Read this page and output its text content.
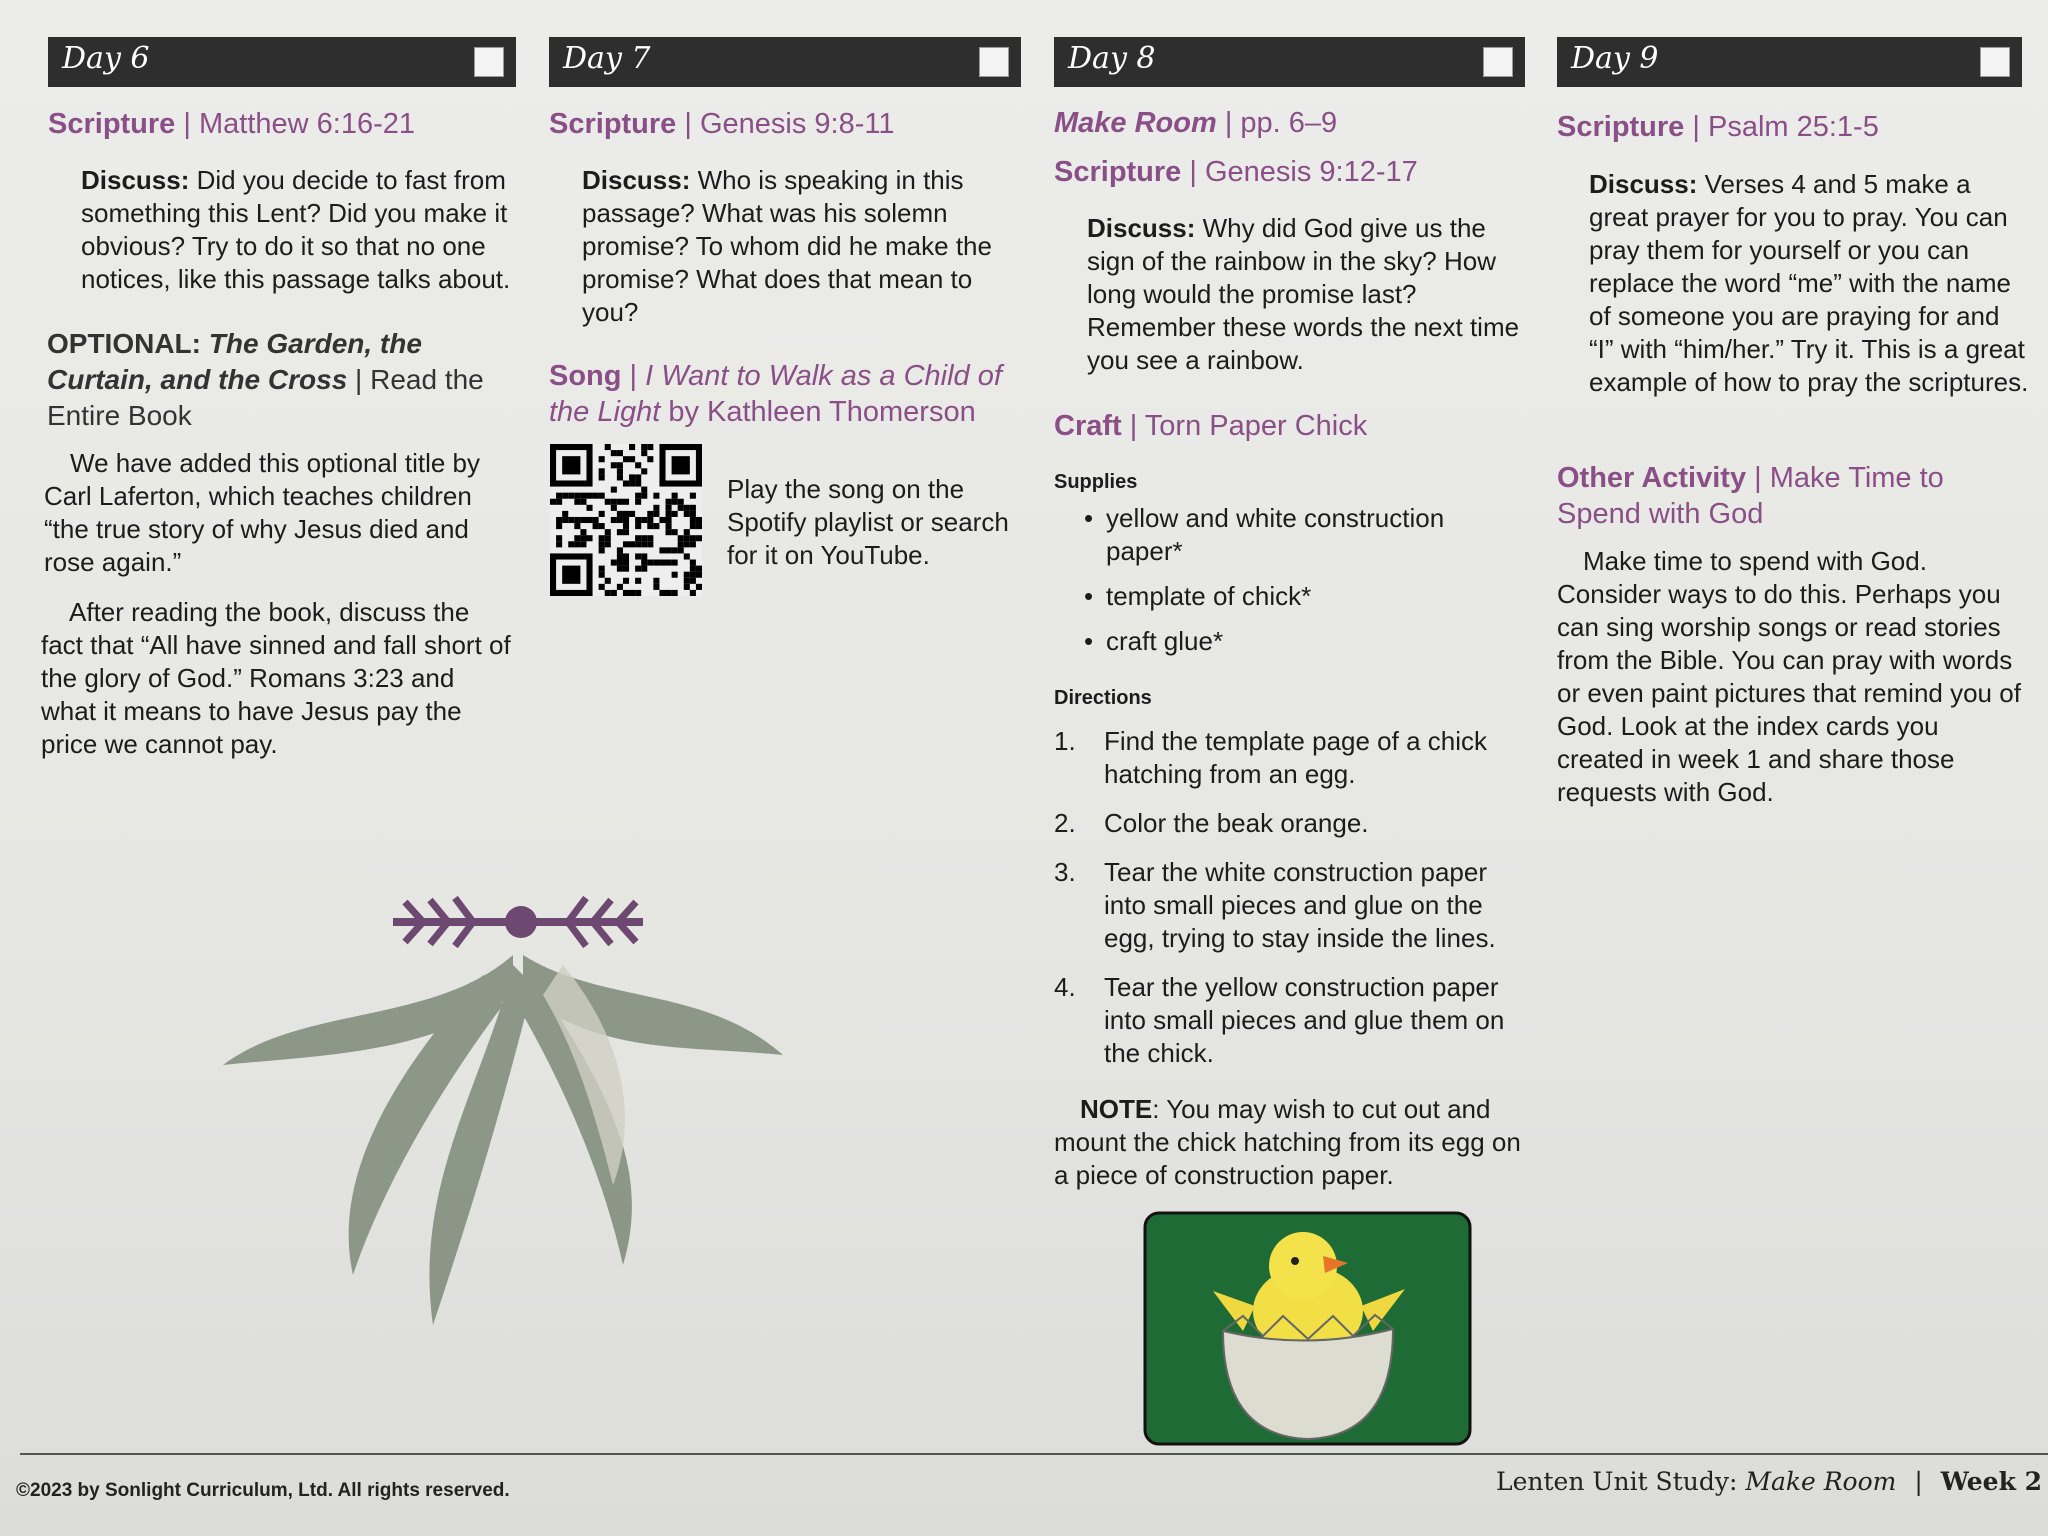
Day 6	Day 7	Day 8	Day 9
Scripture | Matthew 6:16-21
Discuss: Did you decide to fast from something this Lent? Did you make it obvious? Try to do it so that no one notices, like this passage talks about.
OPTIONAL: The Garden, the Curtain, and the Cross | Read the Entire Book
We have added this optional title by Carl Laferton, which teaches children “the true story of why Jesus died and rose again.”
After reading the book, discuss the fact that “All have sinned and fall short of the glory of God.” Romans 3:23 and what it means to have Jesus pay the price we cannot pay.
Scripture | Genesis 9:8-11
Discuss: Who is speaking in this passage? What was his solemn promise? To whom did he make the promise? What does that mean to you?
Song | I Want to Walk as a Child of the Light by Kathleen Thomerson
Play the song on the Spotify playlist or search for it on YouTube.
Make Room | pp. 6–9
Scripture | Genesis 9:12-17
Discuss: Why did God give us the sign of the rainbow in the sky? How long would the promise last? Remember these words the next time you see a rainbow.
Craft | Torn Paper Chick
Supplies
• yellow and white construction paper*
• template of chick*
• craft glue*
Directions
1. Find the template page of a chick hatching from an egg.
2. Color the beak orange.
3. Tear the white construction paper into small pieces and glue on the egg, trying to stay inside the lines.
4. Tear the yellow construction paper into small pieces and glue them on the chick.
NOTE: You may wish to cut out and mount the chick hatching from its egg on a piece of construction paper.
Scripture | Psalm 25:1-5
Discuss: Verses 4 and 5 make a great prayer for you to pray. You can pray them for yourself or you can replace the word “me” with the name of someone you are praying for and “I” with “him/her.” Try it. This is a great example of how to pray the scriptures.
Other Activity | Make Time to Spend with God
Make time to spend with God. Consider ways to do this. Perhaps you can sing worship songs or read stories from the Bible. You can pray with words or even paint pictures that remind you of God. Look at the index cards you created in week 1 and share those requests with God.
©2023 by Sonlight Curriculum, Ltd. All rights reserved.	Lenten Unit Study: Make Room | Week 2
